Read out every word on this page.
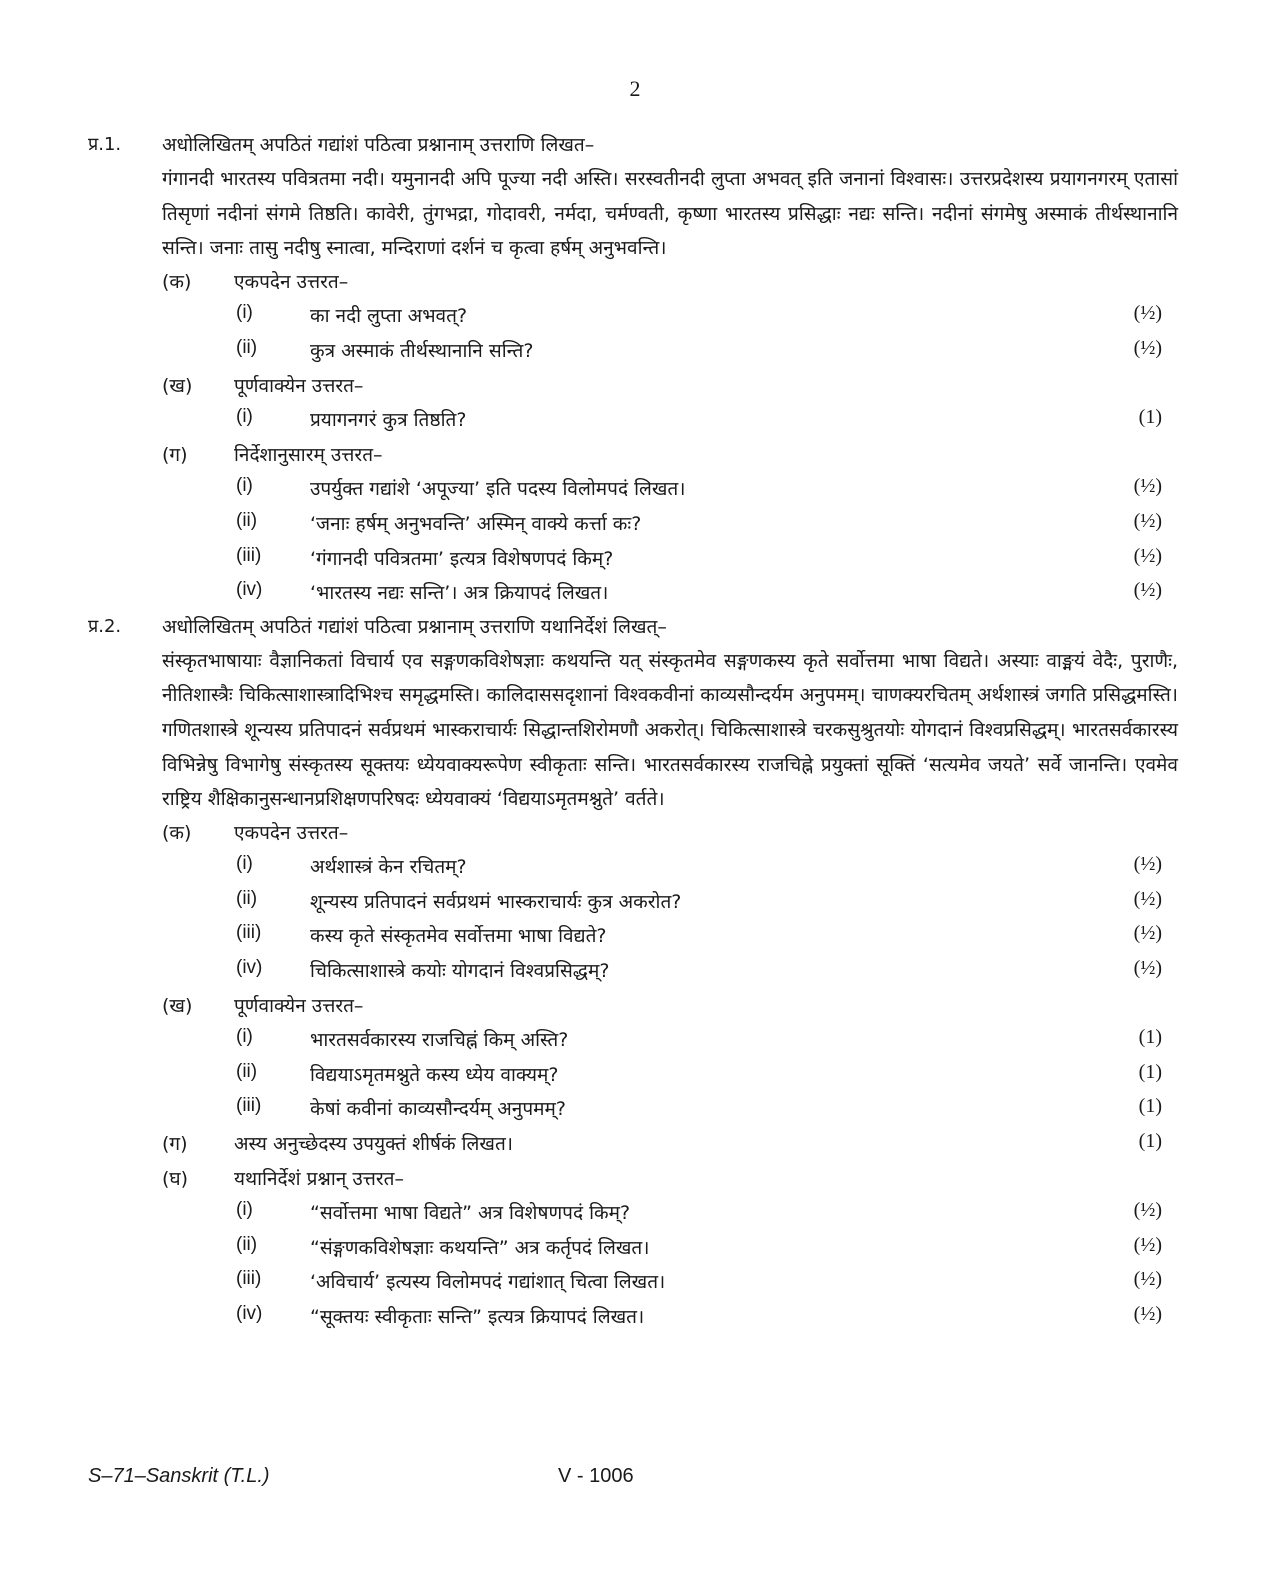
2
प्र.1. अधोलिखितम् अपठितं गद्यांशं पठित्वा प्रश्नानाम् उत्तराणि लिखत–
गंगानदी भारतस्य पवित्रतमा नदी। यमुनानदी अपि पूज्या नदी अस्ति। सरस्वतीनदी लुप्ता अभवत् इति जनानां विश्वासः। उत्तरप्रदेशस्य प्रयागनगरम् एतासां तिसृणां नदीनां संगमे तिष्ठति। कावेरी, तुंगभद्रा, गोदावरी, नर्मदा, चर्मण्वती, कृष्णा भारतस्य प्रसिद्धाः नद्यः सन्ति। नदीनां संगमेषु अस्माकं तीर्थस्थानानि सन्ति। जनाः तासु नदीषु स्नात्वा, मन्दिराणां दर्शनं च कृत्वा हर्षम् अनुभवन्ति।
(क) एकपदेन उत्तरत–
(i)	का नदी लुप्ता अभवत्?	(½)
(ii)	कुत्र अस्माकं तीर्थस्थानानि सन्ति?	(½)
(ख) पूर्णवाक्येन उत्तरत–
(i)	प्रयागनगरं कुत्र तिष्ठति?	(1)
(ग) निर्देशानुसारम् उत्तरत–
(i)	उपर्युक्त गद्यांशे ‘अपूज्या’ इति पदस्य विलोमपदं लिखत।	(½)
(ii)	‘जनाः हर्षम् अनुभवन्ति’ अस्मिन् वाक्ये कर्त्ता कः?	(½)
(iii)	‘गंगानदी पवित्रतमा’ इत्यत्र विशेषणपदं किम्?	(½)
(iv)	‘भारतस्य नद्यः सन्ति’। अत्र क्रियापदं लिखत।	(½)
प्र.2. अधोलिखितम् अपठितं गद्यांशं पठित्वा प्रश्नानाम् उत्तराणि यथानिर्देशं लिखत्–
संस्कृतभाषायाः वैज्ञानिकतां विचार्य एव सङ्गणकविशेषज्ञाः कथयन्ति यत् संस्कृतमेव सङ्गणकस्य कृते सर्वोत्तमा भाषा विद्यते। अस्याः वाङ्मयं वेदैः, पुराणैः, नीतिशास्त्रैः चिकित्साशास्त्रादिभिश्च समृद्धमस्ति। कालिदाससदृशानां विश्वकवीनां काव्यसौन्दर्यम अनुपमम्। चाणक्यरचितम् अर्थशास्त्रं जगति प्रसिद्धमस्ति। गणितशास्त्रे शून्यस्य प्रतिपादनं सर्वप्रथमं भास्कराचार्यः सिद्धान्तशिरोमणौ अकरोत्। चिकित्साशास्त्रे चरकसुश्रुतयोः योगदानं विश्वप्रसिद्धम्। भारतसर्वकारस्य विभिन्नेषु विभागेषु संस्कृतस्य सूक्तयः ध्येयवाक्यरूपेण स्वीकृताः सन्ति। भारतसर्वकारस्य राजचिह्ने प्रयुक्तां सूक्तिं ‘सत्यमेव जयते’ सर्वे जानन्ति। एवमेव राष्ट्रिय शैक्षिकानुसन्धानप्रशिक्षणपरिषदः ध्येयवाक्यं ‘विद्ययाऽमृतमश्नुते’ वर्तते।
(क) एकपदेन उत्तरत–
(i)	अर्थशास्त्रं केन रचितम्?	(½)
(ii)	शून्यस्य प्रतिपादनं सर्वप्रथमं भास्कराचार्यः कुत्र अकरोत?	(½)
(iii)	कस्य कृते संस्कृतमेव सर्वोत्तमा भाषा विद्यते?	(½)
(iv)	चिकित्साशास्त्रे कयोः योगदानं विश्वप्रसिद्धम्?	(½)
(ख) पूर्णवाक्येन उत्तरत–
(i)	भारतसर्वकारस्य राजचिह्नं किम् अस्ति?	(1)
(ii)	विद्ययाऽमृतमश्नुते कस्य ध्येय वाक्यम्?	(1)
(iii)	केषां कवीनां काव्यसौन्दर्यम् अनुपमम्?	(1)
(ग) अस्य अनुच्छेदस्य उपयुक्तं शीर्षकं लिखत।	(1)
(घ) यथानिर्देशं प्रश्नान् उत्तरत–
(i)	“सर्वोत्तमा भाषा विद्यते” अत्र विशेषणपदं किम्?	(½)
(ii)	“संङ्गणकविशेषज्ञाः कथयन्ति” अत्र कर्तृपदं लिखत।	(½)
(iii)	‘अविचार्य’ इत्यस्य विलोमपदं गद्यांशात् चित्वा लिखत।	(½)
(iv)	“सूक्तयः स्वीकृताः सन्ति” इत्यत्र क्रियापदं लिखत।	(½)
S–71–Sanskrit (T.L.)	V - 1006
